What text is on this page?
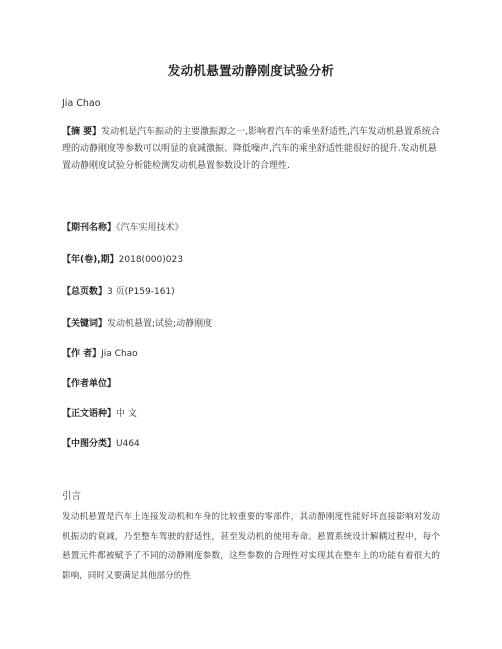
发动机悬置动静刚度试验分析
Jia Chao
【摘 要】发动机是汽车振动的主要激振源之一,影响着汽车的乘坐舒适性,汽车发动机悬置系统合理的动静刚度等参数可以明显的衰减激振、降低噪声,汽车的乘坐舒适性能很好的提升.发动机悬置动静刚度试验分析能检测发动机悬置参数设计的合理性.
【期刊名称】《汽车实用技术》
【年(卷),期】2018(000)023
【总页数】3 页(P159-161)
【关键词】发动机悬置;试验;动静刚度
【作 者】Jia Chao
【作者单位】
【正文语种】中 文
【中图分类】U464
引言
发动机悬置是汽车上连接发动机和车身的比较重要的零部件，其动静刚度性能好坏直接影响对发动机振动的衰减，乃至整车驾驶的舒适性，甚至发动机的使用寿命。悬置系统设计解耦过程中，每个悬置元件都被赋予了不同的动静刚度参数，这些参数的合理性对实现其在整车上的功能有着很大的影响，同时又要满足其他部分的性
